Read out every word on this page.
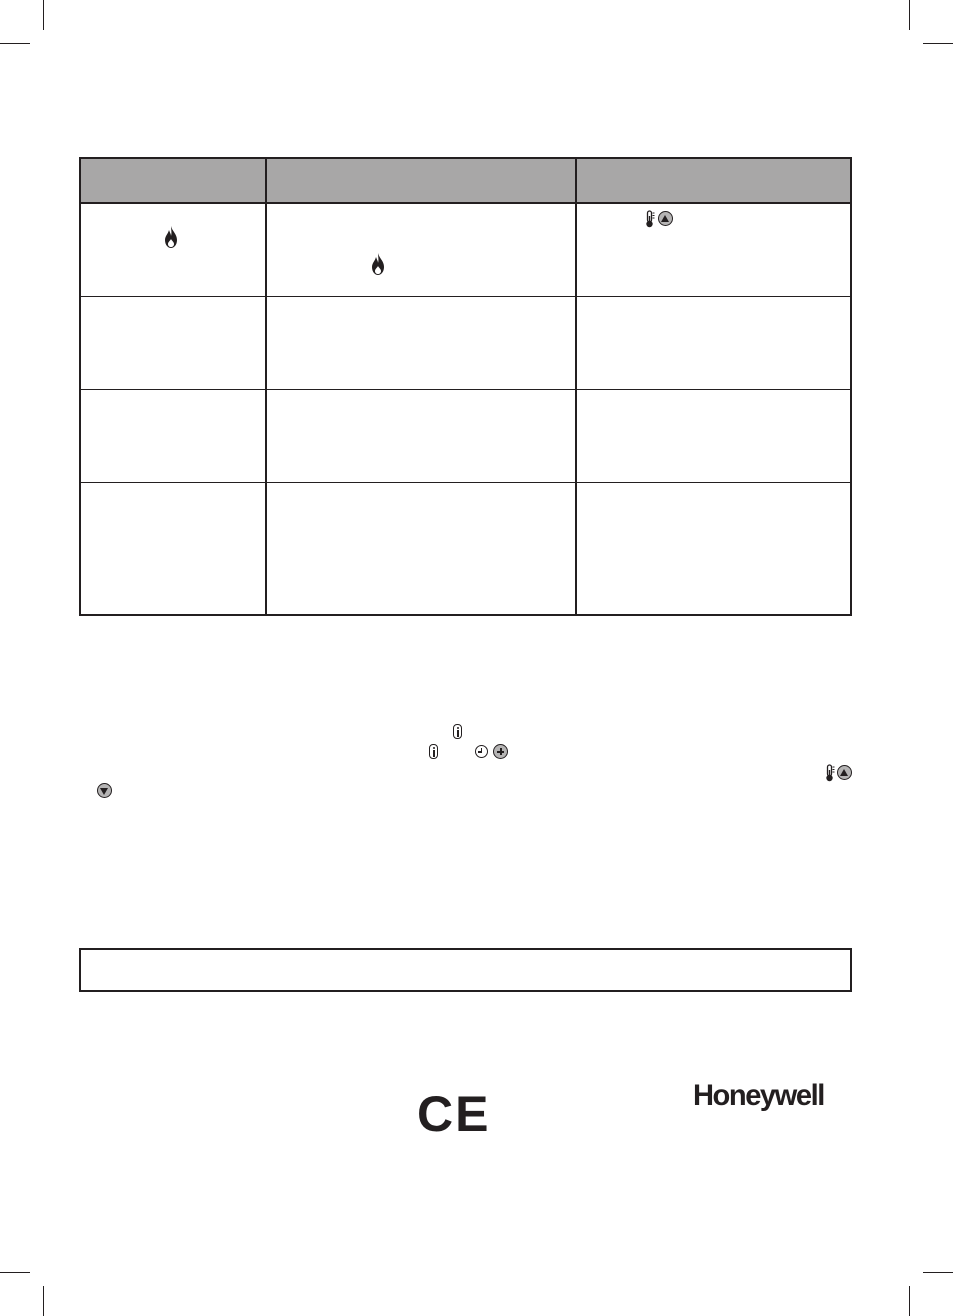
CE	Honeywell
